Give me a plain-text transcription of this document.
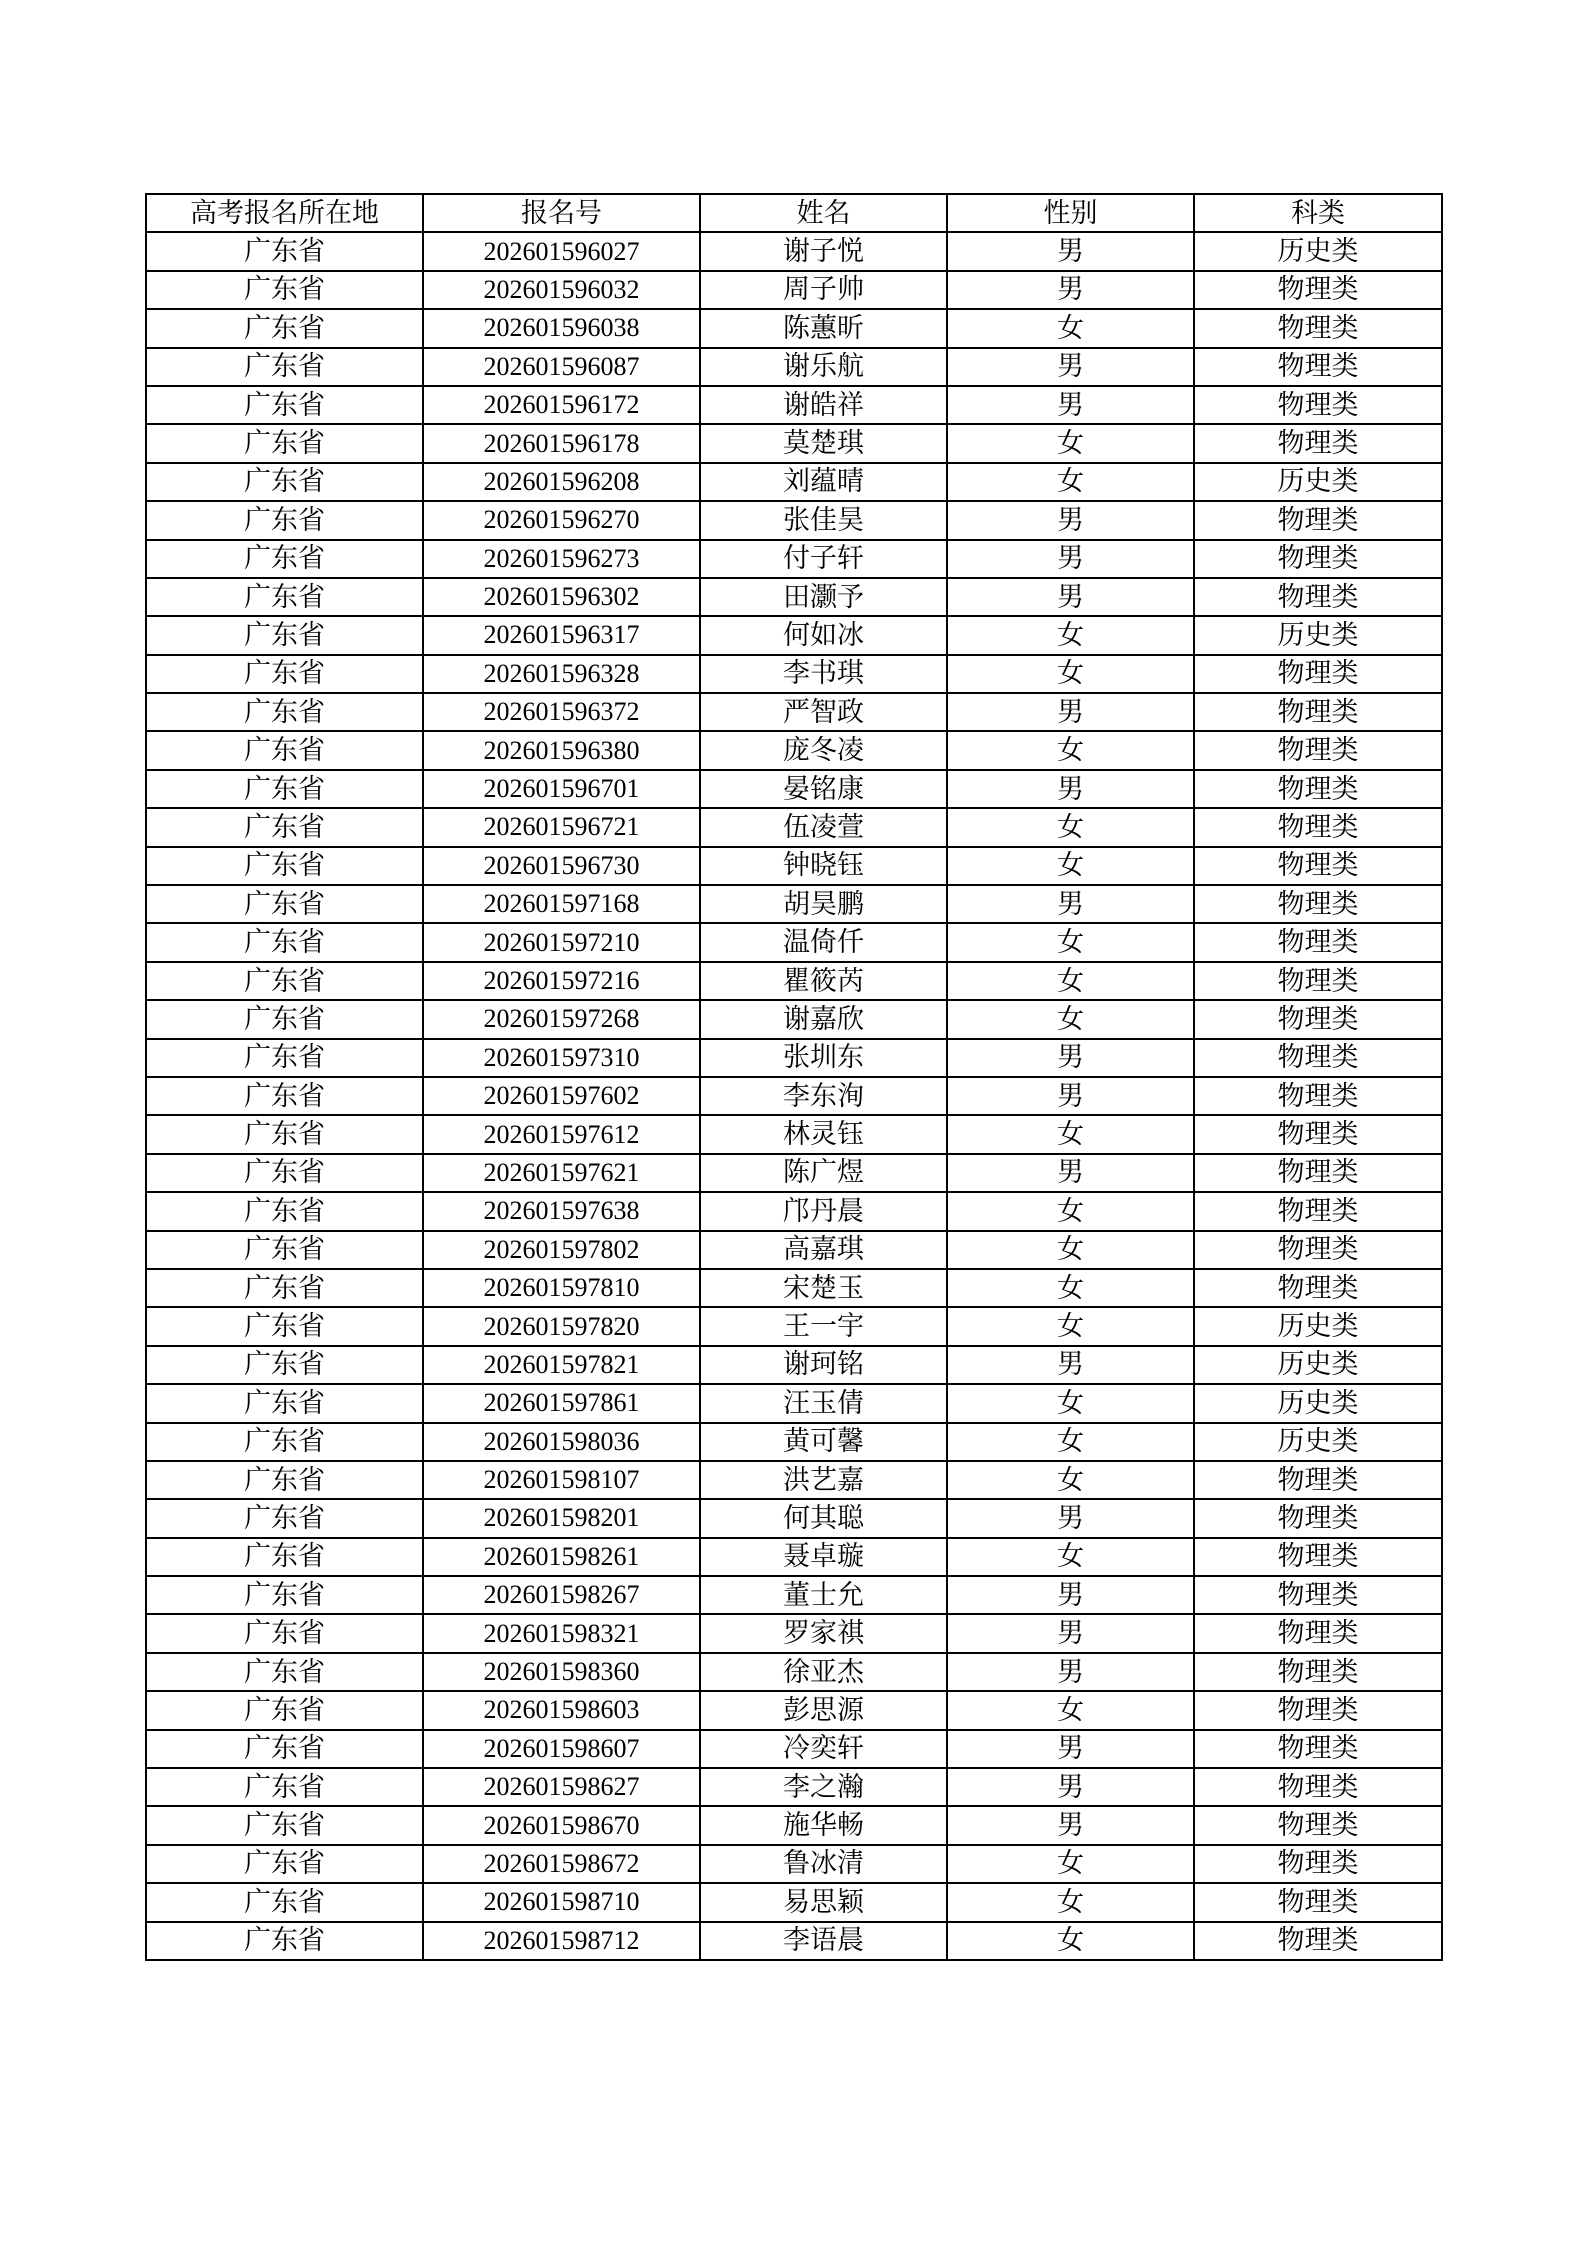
高考报名所在地	报名号	姓名	性别	科类
广东省	202601596027	谢子悦	男	历史类
广东省	202601596032	周子帅	男	物理类
广东省	202601596038	陈蕙昕	女	物理类
广东省	202601596087	谢乐航	男	物理类
广东省	202601596172	谢皓祥	男	物理类
广东省	202601596178	莫楚琪	女	物理类
广东省	202601596208	刘蕴晴	女	历史类
广东省	202601596270	张佳昊	男	物理类
广东省	202601596273	付子轩	男	物理类
广东省	202601596302	田灏予	男	物理类
广东省	202601596317	何如冰	女	历史类
广东省	202601596328	李书琪	女	物理类
广东省	202601596372	严智政	男	物理类
广东省	202601596380	庞冬凌	女	物理类
广东省	202601596701	晏铭康	男	物理类
广东省	202601596721	伍凌萱	女	物理类
广东省	202601596730	钟晓钰	女	物理类
广东省	202601597168	胡昊鹏	男	物理类
广东省	202601597210	温倚仟	女	物理类
广东省	202601597216	瞿筱芮	女	物理类
广东省	202601597268	谢嘉欣	女	物理类
广东省	202601597310	张圳东	男	物理类
广东省	202601597602	李东洵	男	物理类
广东省	202601597612	林灵钰	女	物理类
广东省	202601597621	陈广煜	男	物理类
广东省	202601597638	邝丹晨	女	物理类
广东省	202601597802	高嘉琪	女	物理类
广东省	202601597810	宋楚玉	女	物理类
广东省	202601597820	王一宇	女	历史类
广东省	202601597821	谢珂铭	男	历史类
广东省	202601597861	汪玉倩	女	历史类
广东省	202601598036	黄可馨	女	历史类
广东省	202601598107	洪艺嘉	女	物理类
广东省	202601598201	何其聪	男	物理类
广东省	202601598261	聂卓璇	女	物理类
广东省	202601598267	董士允	男	物理类
广东省	202601598321	罗家祺	男	物理类
广东省	202601598360	徐亚杰	男	物理类
广东省	202601598603	彭思源	女	物理类
广东省	202601598607	冷奕轩	男	物理类
广东省	202601598627	李之瀚	男	物理类
广东省	202601598670	施华畅	男	物理类
广东省	202601598672	鲁冰清	女	物理类
广东省	202601598710	易思颖	女	物理类
广东省	202601598712	李语晨	女	物理类
